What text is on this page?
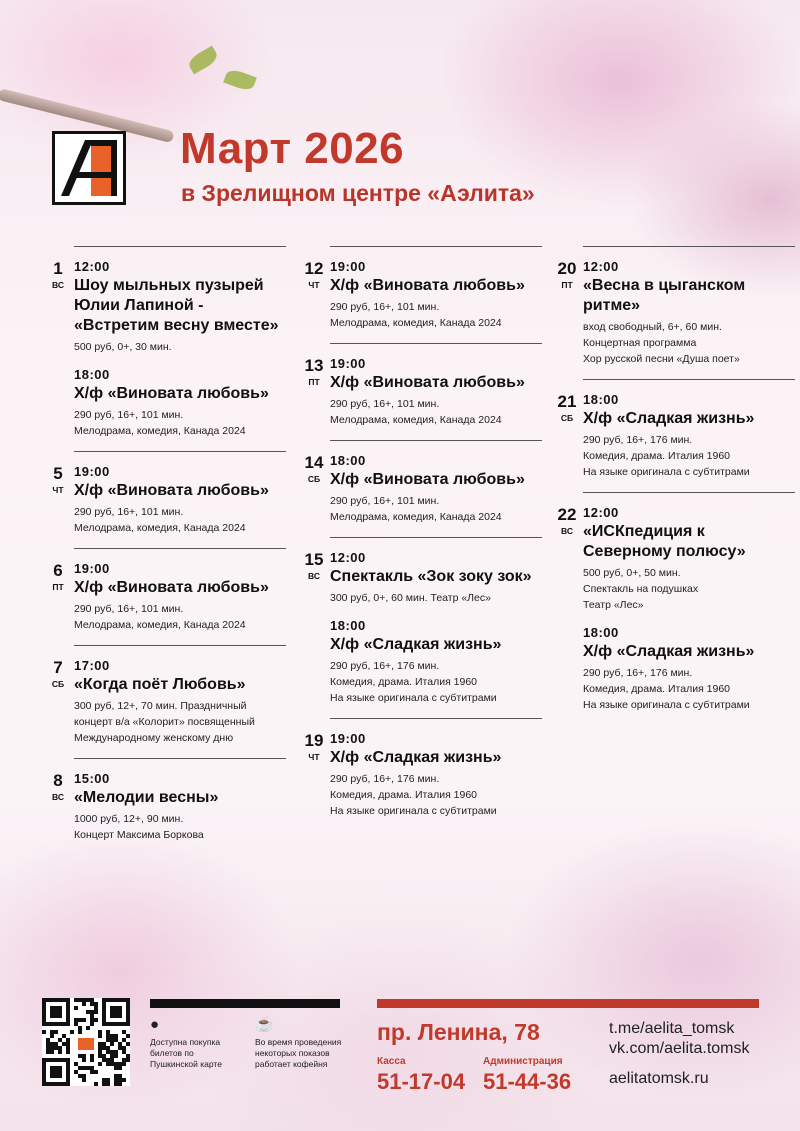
Март 2026
в Зрелищном центре «Аэлита»
1
ВС
12:00
Шоу мыльных пузырей Юлии Лапиной - «Встретим весну вместе»
500 руб, 0+, 30 мин.
18:00
Х/ф «Виновата любовь»
290 руб, 16+, 101 мин.
Мелодрама, комедия, Канада 2024
5
ЧТ
19:00
Х/ф «Виновата любовь»
290 руб, 16+, 101 мин.
Мелодрама, комедия, Канада 2024
6
ПТ
19:00
Х/ф «Виновата любовь»
290 руб, 16+, 101 мин.
Мелодрама, комедия, Канада 2024
7
СБ
17:00
«Когда поёт Любовь»
300 руб, 12+, 70 мин. Праздничный
концерт в/а «Колорит» посвященный
Международному женскому дню
8
ВС
15:00
«Мелодии весны»
1000 руб, 12+, 90 мин.
Концерт Максима Боркова
12
ЧТ
19:00
Х/ф «Виновата любовь»
290 руб, 16+, 101 мин.
Мелодрама, комедия, Канада 2024
13
ПТ
19:00
Х/ф «Виновата любовь»
290 руб, 16+, 101 мин.
Мелодрама, комедия, Канада 2024
14
СБ
18:00
Х/ф «Виновата любовь»
290 руб, 16+, 101 мин.
Мелодрама, комедия, Канада 2024
15
ВС
12:00
Спектакль «Зок зоку зок»
300 руб, 0+, 60 мин. Театр «Лес»
18:00
Х/ф «Сладкая жизнь»
290 руб, 16+, 176 мин.
Комедия, драма. Италия 1960
На языке оригинала с субтитрами
19
ЧТ
19:00
Х/ф «Сладкая жизнь»
290 руб, 16+, 176 мин.
Комедия, драма. Италия 1960
На языке оригинала с субтитрами
20
ПТ
12:00
«Весна в цыганском ритме»
вход свободный, 6+, 60 мин.
Концертная программа
Хор русской песни «Душа поет»
21
СБ
18:00
Х/ф «Сладкая жизнь»
290 руб, 16+, 176 мин.
Комедия, драма. Италия 1960
На языке оригинала с субтитрами
22
ВС
12:00
«ИСКпедиция к Северному полюсу»
500 руб, 0+, 50 мин.
Спектакль на подушках
Театр «Лес»
18:00
Х/ф «Сладкая жизнь»
290 руб, 16+, 176 мин.
Комедия, драма. Италия 1960
На языке оригинала с субтитрами
●
Доступна покупка билетов по Пушкинской карте
☕
Во время проведения некоторых показов работает кофейня
пр. Ленина, 78
Касса
51-17-04
Администрация
51-44-36
t.me/aelita_tomsk
vk.com/aelita.tomsk
aelitatomsk.ru
